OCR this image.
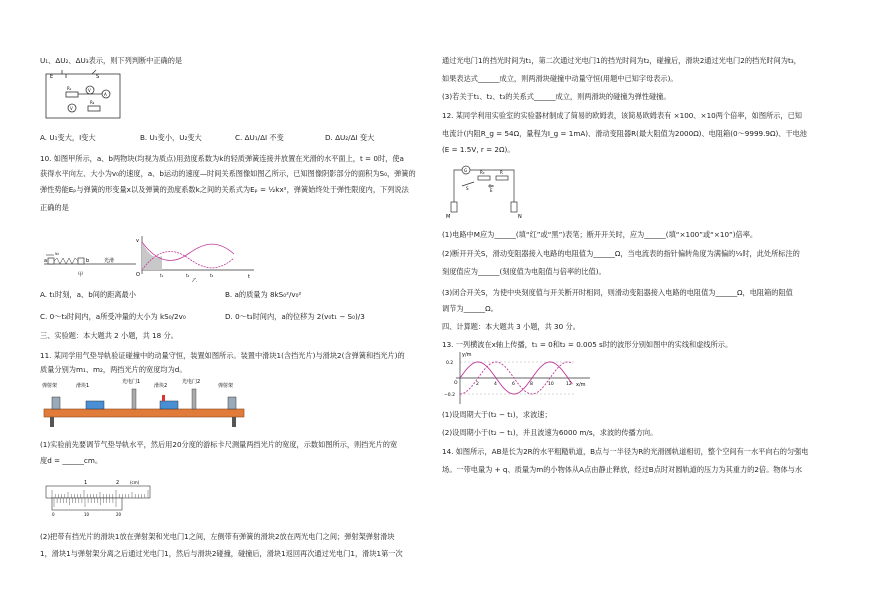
U₁、ΔU₂、ΔU₃表示，则下列判断中正确的是
E	S
A
V
V
R₁
R₂
A. U₁变大，I变大	B. U₁变小，U₂变大	C. ΔU₁/ΔI 不变	D. ΔU₂/ΔI 变大
10. 如图甲所示，a、b两物块(均视为质点)用劲度系数为k的轻质弹簧连接并放置在光滑的水平面上，t = 0时，使a
获得水平向左、大小为v₀的速度，a、b运动的速度—时间关系图像如图乙所示，已知图像阴影部分的面积为S₀，弹簧的
弹性势能Eₚ与弹簧的形变量x以及弹簧的劲度系数k之间的关系式为Eₚ = ½kx²，弹簧始终处于弹性限度内，下列说法
正确的是
a	b
v₀
光滑
甲
v
t
O	t₁	t₂	t₃
乙
A. t₁时刻，a、b间的距离最小	B. a的质量为 8kS₀²/v₀²
C. 0～t₃时间内，a所受冲量的大小为 kS₀/2v₀	D. 0～t₃时间内，a的位移为 2(v₀t₁ − S₀)/3
三、实验题：本大题共 2 小题，共 18 分。
11. 某同学用气垫导轨验证碰撞中的动量守恒，装置如图所示。装置中滑块1(含挡光片)与滑块2(含弹簧和挡光片)的
质量分别为m₁、m₂，两挡光片的宽度均为d。
弹射架	滑块1
光电门1
滑块2
光电门2
弹射架
(1)实验前先要调节气垫导轨水平，然后用20分度的游标卡尺测量两挡光片的宽度，示数如图所示，则挡光片的宽
度d = ______cm。
1	2	(cm)
0	10	20
(2)把带有挡光片的滑块1放在弹射架和光电门1之间，左侧带有弹簧的滑块2放在两光电门之间；弹射架弹射滑块
1，滑块1与弹射架分离之后通过光电门1，然后与滑块2碰撞，碰撞后，滑块1返回再次通过光电门1，滑块1第一次
通过光电门1的挡光时间为t₁，第二次通过光电门1的挡光时间为t₂，碰撞后，滑块2通过光电门2的挡光时间为t₃，
如果表达式______成立，则两滑块碰撞中动量守恒(用题中已知字母表示)。
(3)若关于t₁、t₂、t₃的关系式______成立，则两滑块的碰撞为弹性碰撞。
12. 某同学利用实验室的实验器材制成了简易的欧姆表，该简易欧姆表有 ×100、×10两个倍率，如图所示，已知
电流计(内阻R_g = 54Ω，量程为I_g = 1mA)、滑动变阻器R(最大阻值为2000Ω)、电阻箱(0～9999.9Ω)、干电池
(E = 1.5V, r = 2Ω)。
G	R₀	R
S	E
M	N
(1)电路中M应为______(填“红”或“黑”)表笔；断开开关时，应为______(填“×100”或“×10”)倍率。
(2)断开开关S，滑动变阻器接入电路的电阻值为______Ω，当电流表的指针偏转角度为满偏的⅓时，此处所标注的
刻度值应为______(刻度值为电阻值与倍率的比值)。
(3)闭合开关S，为使中央刻度值与开关断开时相同，则滑动变阻器接入电路的电阻值为______Ω，电阻箱的阻值
调节为______Ω。
四、计算题：本大题共 3 小题，共 30 分。
13. 一列横波在x轴上传播，t₁ = 0和t₂ = 0.005 s时的波形分别如图中的实线和虚线所示。
y/m
x/m
0.2
−0.2
O	2	4	6	8	10	12
(1)设周期大于(t₂ − t₁)，求波速；
(2)设周期小于(t₂ − t₁)，并且波速为6000 m/s，求波的传播方向。
14. 如图所示，AB是长为2R的水平粗糙轨道，B点与一半径为R的光滑圆轨道相切，整个空间有一水平向右的匀强电
场。一带电量为 + q、质量为m的小物体从A点由静止释放，经过B点时对圆轨道的压力为其重力的2倍。物体与水
